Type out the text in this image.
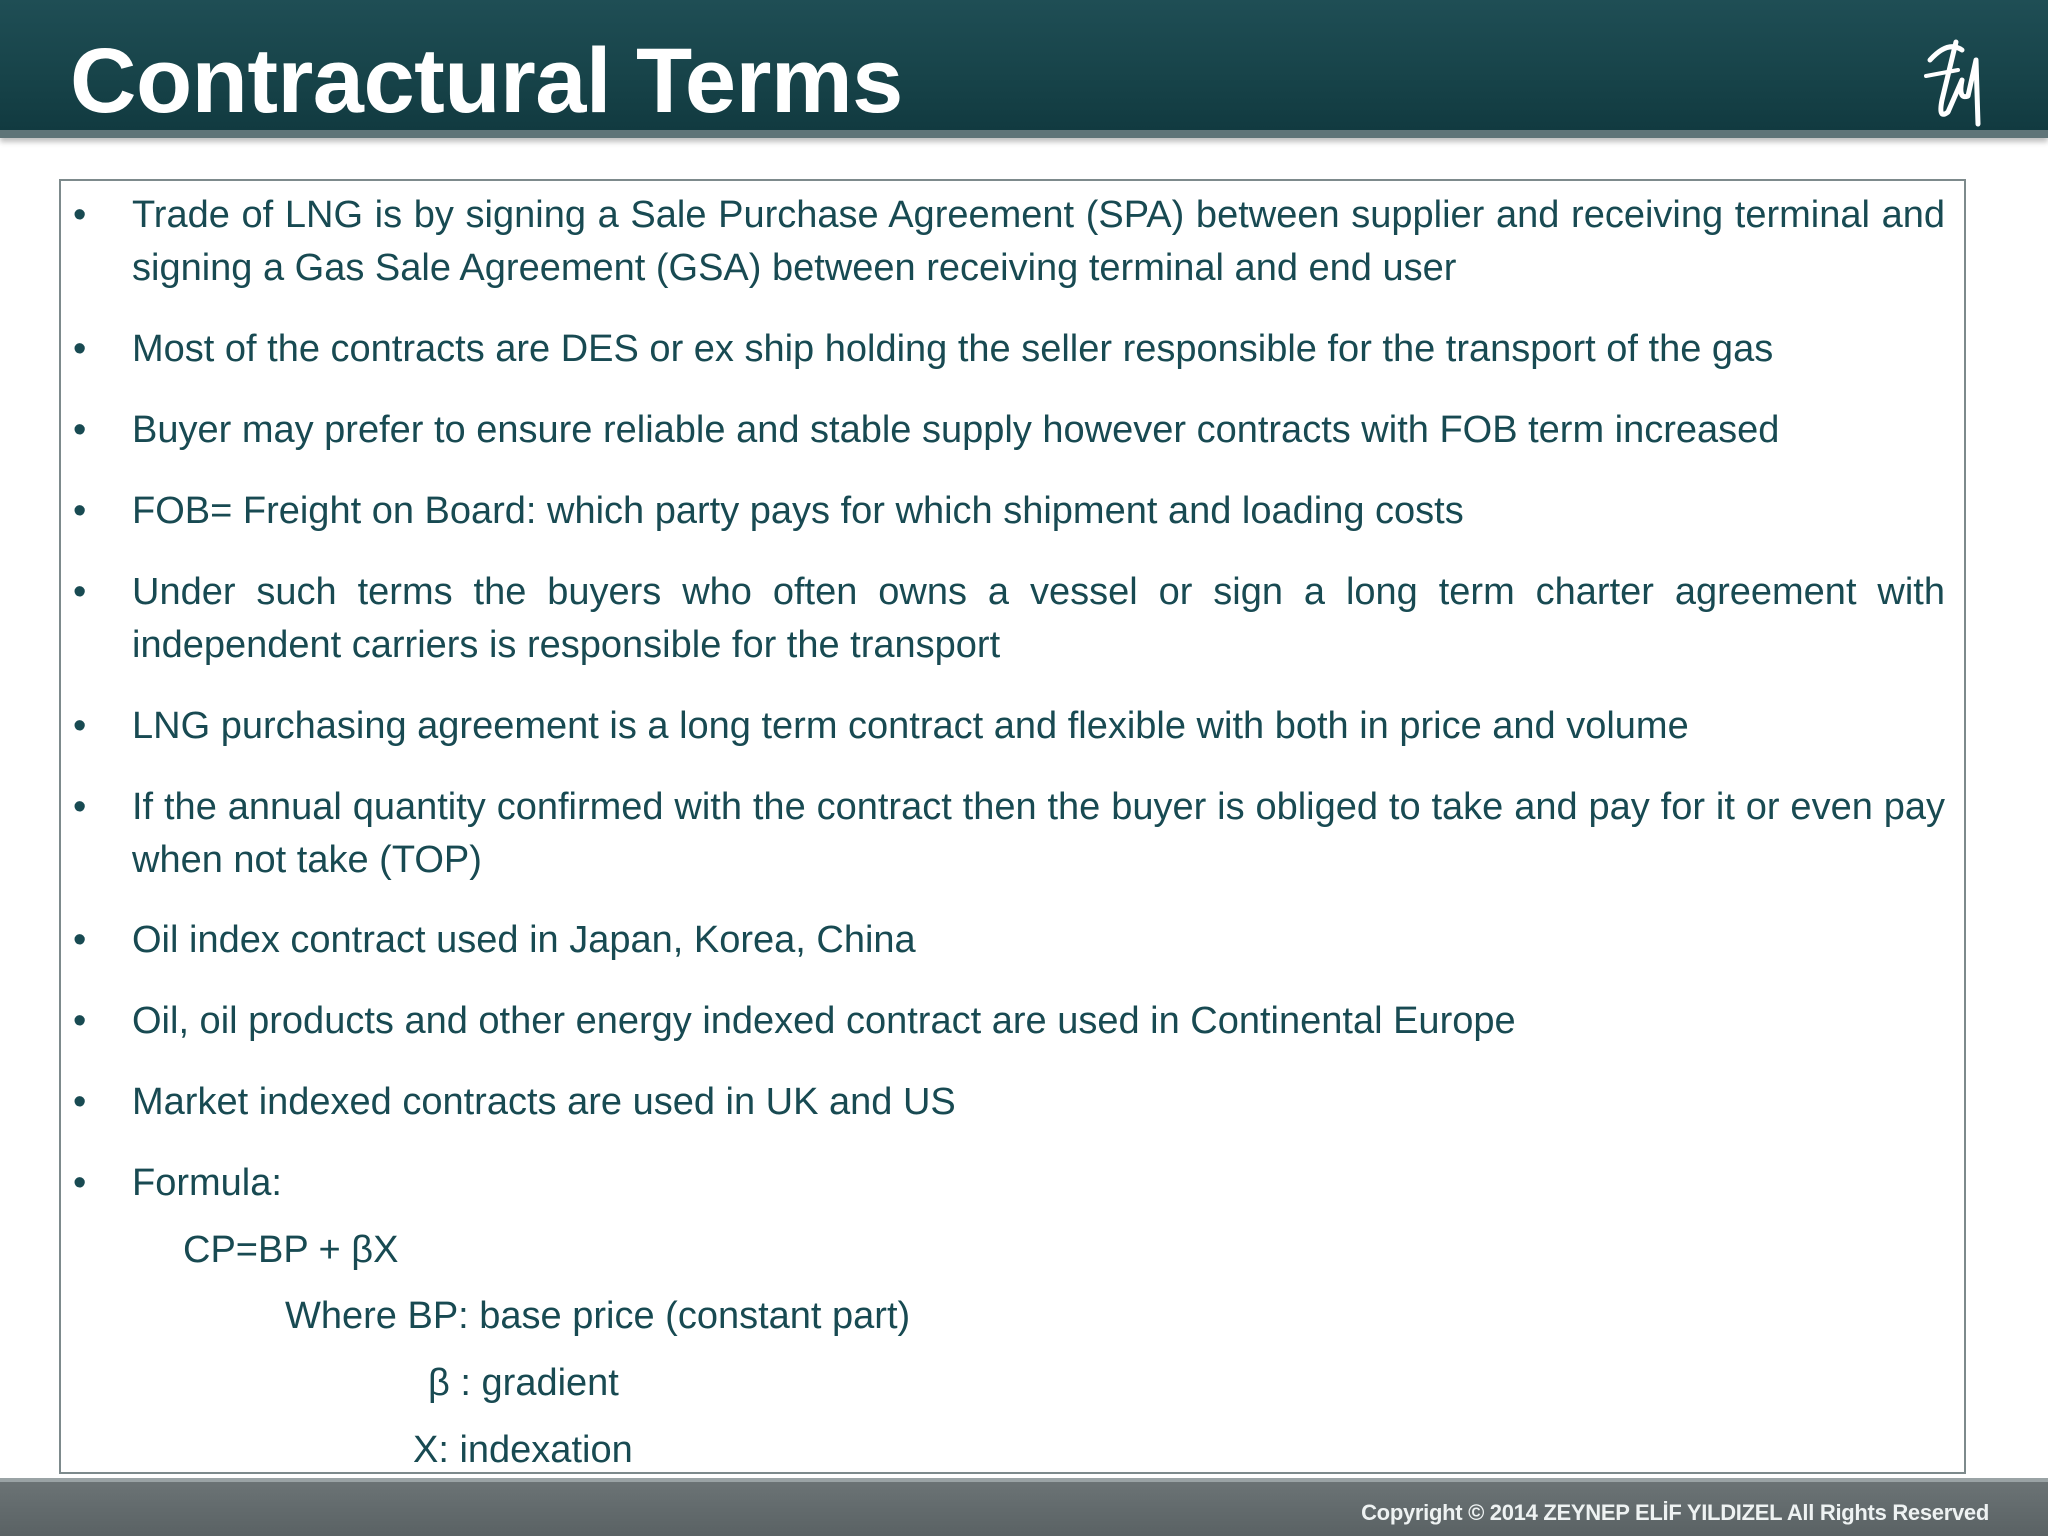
Contractural Terms
• Trade of LNG is by signing a Sale Purchase Agreement (SPA) between supplier and receiving terminal and signing a Gas Sale Agreement (GSA) between receiving terminal and end user
• Most of the contracts are DES or ex ship holding the seller responsible for the transport of the gas
• Buyer may prefer to ensure reliable and stable supply however contracts with FOB term increased
• FOB= Freight on Board: which party pays for which shipment and loading costs
• Under such terms the buyers who often owns a vessel or sign a long term charter agreement with independent carriers is responsible for the transport
• LNG purchasing agreement is a long term contract and flexible with both in price and volume
• If the annual quantity confirmed with the contract then the buyer is obliged to take and pay for it or even pay when not take (TOP)
• Oil index contract used in Japan, Korea, China
• Oil, oil products and other energy indexed contract are used in Continental Europe
• Market indexed contracts are used in UK and US
• Formula:
CP=BP + βX
Where BP: base price (constant part)
β : gradient
X: indexation
Copyright © 2014 ZEYNEP ELİF YILDIZEL All Rights Reserved
